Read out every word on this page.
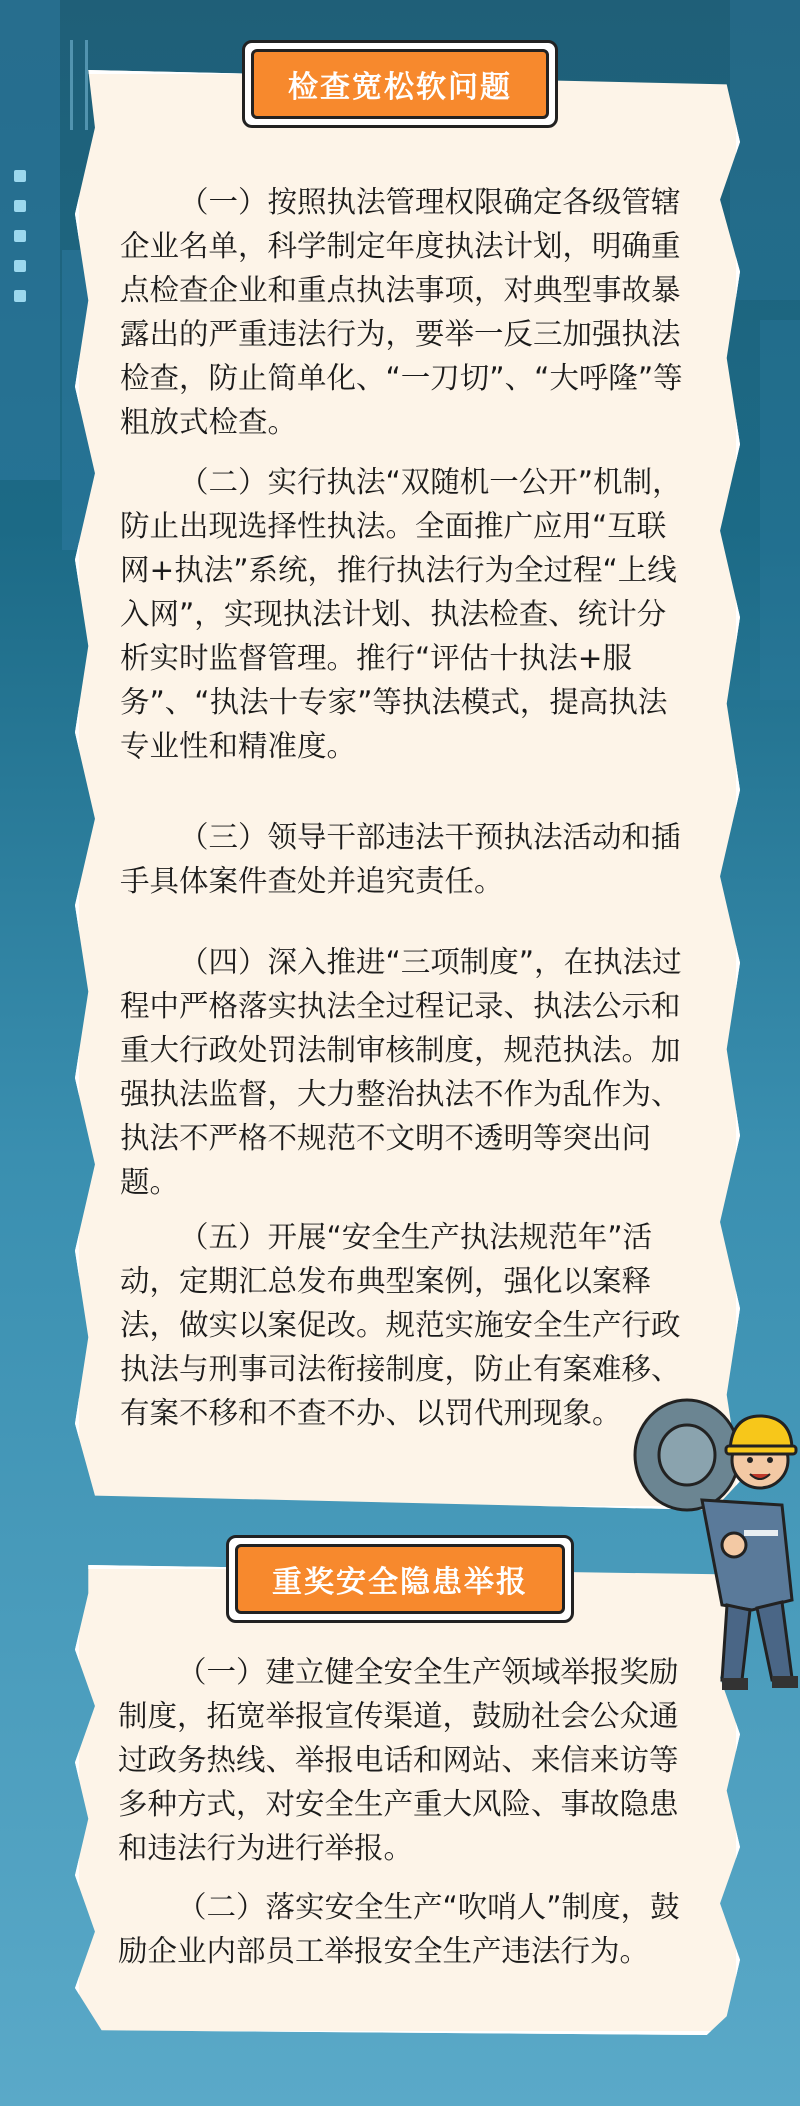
检查宽松软问题

（一）按照执法管理权限确定各级管辖企业名单，科学制定年度执法计划，明确重点检查企业和重点执法事项，对典型事故暴露出的严重违法行为，要举一反三加强执法检查，防止简单化、“一刀切”、“大呼隆”等粗放式检查。

（二）实行执法“双随机一公开”机制，防止出现选择性执法。全面推广应用“互联网+执法”系统，推行执法行为全过程“上线入网”，实现执法计划、执法检查、统计分析实时监督管理。推行“评估十执法+服务”、“执法十专家”等执法模式，提高执法专业性和精准度。

（三）领导干部违法干预执法活动和插手具体案件查处并追究责任。

（四）深入推进“三项制度”，在执法过程中严格落实执法全过程记录、执法公示和重大行政处罚法制审核制度，规范执法。加强执法监督，大力整治执法不作为乱作为、执法不严格不规范不文明不透明等突出问题。

（五）开展“安全生产执法规范年”活动，定期汇总发布典型案例，强化以案释法，做实以案促改。规范实施安全生产行政执法与刑事司法衔接制度，防止有案难移、有案不移和不查不办、以罚代刑现象。

重奖安全隐患举报

（一）建立健全安全生产领域举报奖励制度，拓宽举报宣传渠道，鼓励社会公众通过政务热线、举报电话和网站、来信来访等多种方式，对安全生产重大风险、事故隐患和违法行为进行举报。

（二）落实安全生产“吹哨人”制度，鼓励企业内部员工举报安全生产违法行为。
